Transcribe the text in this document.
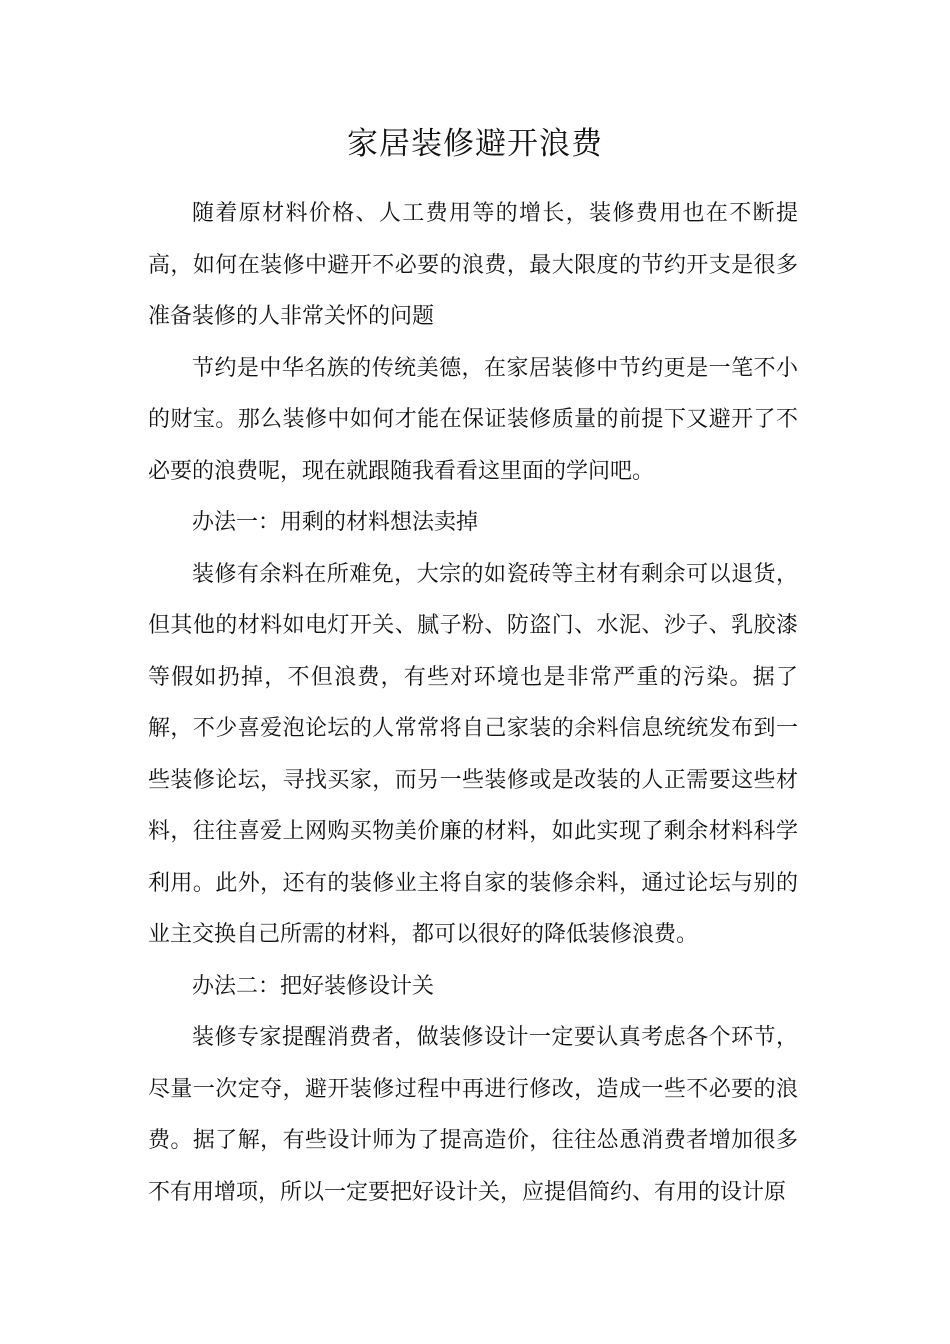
家居装修避开浪费

随着原材料价格、人工费用等的增长，装修费用也在不断提高，如何在装修中避开不必要的浪费，最大限度的节约开支是很多准备装修的人非常关怀的问题

节约是中华名族的传统美德，在家居装修中节约更是一笔不小的财宝。那么装修中如何才能在保证装修质量的前提下又避开了不必要的浪费呢，现在就跟随我看看这里面的学问吧。

办法一：用剩的材料想法卖掉

装修有余料在所难免，大宗的如瓷砖等主材有剩余可以退货，但其他的材料如电灯开关、腻子粉、防盗门、水泥、沙子、乳胶漆等假如扔掉，不但浪费，有些对环境也是非常严重的污染。据了解，不少喜爱泡论坛的人常常将自己家装的余料信息统统发布到一些装修论坛，寻找买家，而另一些装修或是改装的人正需要这些材料，往往喜爱上网购买物美价廉的材料，如此实现了剩余材料科学利用。此外，还有的装修业主将自家的装修余料，通过论坛与别的业主交换自己所需的材料，都可以很好的降低装修浪费。

办法二：把好装修设计关

装修专家提醒消费者，做装修设计一定要认真考虑各个环节，尽量一次定夺，避开装修过程中再进行修改，造成一些不必要的浪费。据了解，有些设计师为了提高造价，往往怂恿消费者增加很多不有用增项，所以一定要把好设计关，应提倡简约、有用的设计原
